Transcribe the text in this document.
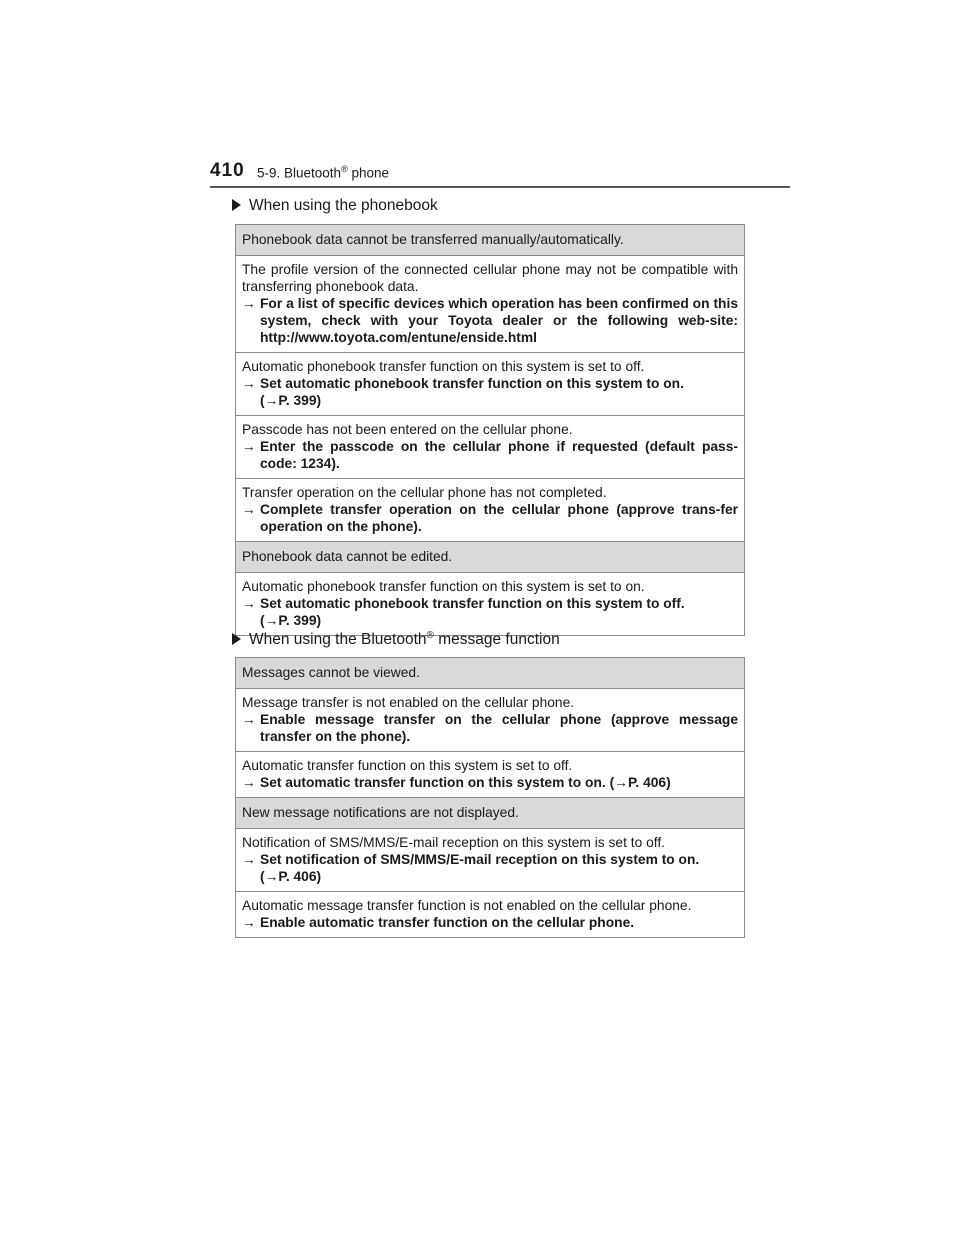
410 5-9. Bluetooth® phone
When using the phonebook
Phonebook data cannot be transferred manually/automatically.
The profile version of the connected cellular phone may not be compatible with transferring phonebook data.
→ For a list of specific devices which operation has been confirmed on this system, check with your Toyota dealer or the following web-site: http://www.toyota.com/entune/enside.html
Automatic phonebook transfer function on this system is set to off.
→ Set automatic phonebook transfer function on this system to on.
(→P. 399)
Passcode has not been entered on the cellular phone.
→ Enter the passcode on the cellular phone if requested (default pass-code: 1234).
Transfer operation on the cellular phone has not completed.
→ Complete transfer operation on the cellular phone (approve trans-fer operation on the phone).
Phonebook data cannot be edited.
Automatic phonebook transfer function on this system is set to on.
→ Set automatic phonebook transfer function on this system to off.
(→P. 399)
When using the Bluetooth® message function
Messages cannot be viewed.
Message transfer is not enabled on the cellular phone.
→ Enable message transfer on the cellular phone (approve message transfer on the phone).
Automatic transfer function on this system is set to off.
→ Set automatic transfer function on this system to on. (→P. 406)
New message notifications are not displayed.
Notification of SMS/MMS/E-mail reception on this system is set to off.
→ Set notification of SMS/MMS/E-mail reception on this system to on.
(→P. 406)
Automatic message transfer function is not enabled on the cellular phone.
→ Enable automatic transfer function on the cellular phone.
